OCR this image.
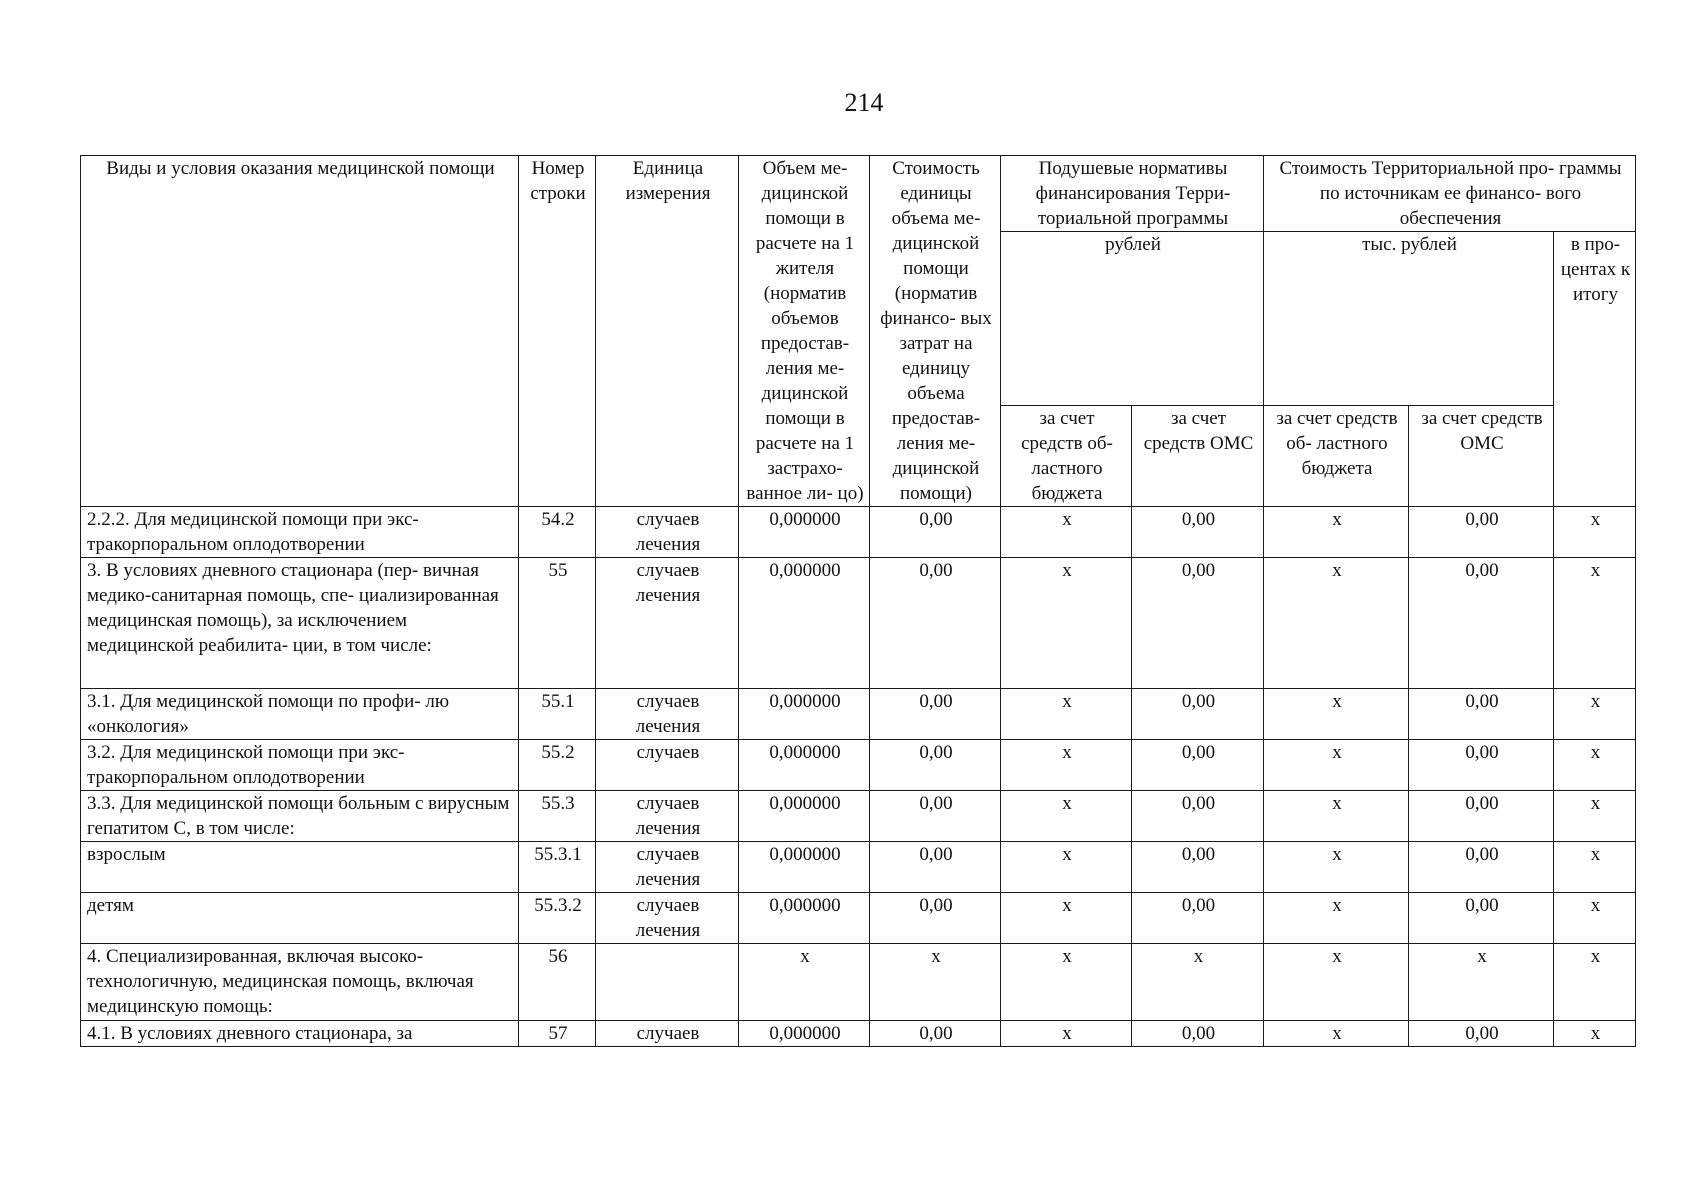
214
Виды и условия оказания медицинской помощи	Номер строки	Единица измерения	Объем ме- дицинской помощи в расчете на 1 жителя (норматив объемов предостав- ления ме- дицинской помощи в расчете на 1 застрахо- ванное ли- цо)	Стоимость единицы объема ме- дицинской помощи (норматив финансо- вых затрат на единицу объема предостав- ления ме- дицинской помощи)	Подушевые нормативы финансирования Терри- ториальной программы		Стоимость Территориальной про- граммы по источникам ее финансо- вого обеспечения		
					рублей		тыс. рублей		в про- центах к итогу
					за счет средств об- ластного бюджета	за счет средств ОМС	за счет средств об- ластного бюджета	за счет средств ОМС	
2.2.2. Для медицинской помощи при экс- тракорпоральном оплодотворении	54.2	случаев лечения	0,000000	0,00	х	0,00	х	0,00	х
3. В условиях дневного стационара (пер- вичная медико-санитарная помощь, спе- циализированная медицинская помощь), за исключением медицинской реабилита- ции, в том числе:	55	случаев лечения	0,000000	0,00	х	0,00	х	0,00	х
3.1. Для медицинской помощи по профи- лю «онкология»	55.1	случаев лечения	0,000000	0,00	х	0,00	х	0,00	х
3.2. Для медицинской помощи при экс- тракорпоральном оплодотворении	55.2	случаев	0,000000	0,00	х	0,00	х	0,00	х
3.3. Для медицинской помощи больным с вирусным гепатитом С, в том числе:	55.3	случаев лечения	0,000000	0,00	х	0,00	х	0,00	х
взрослым	55.3.1	случаев лечения	0,000000	0,00	х	0,00	х	0,00	х
детям	55.3.2	случаев лечения	0,000000	0,00	х	0,00	х	0,00	х
4. Специализированная, включая высоко- технологичную, медицинская помощь, включая медицинскую помощь:	56		х	х	х	х	х	х	х
4.1. В условиях дневного стационара, за	57	случаев	0,000000	0,00	х	0,00	х	0,00	х
